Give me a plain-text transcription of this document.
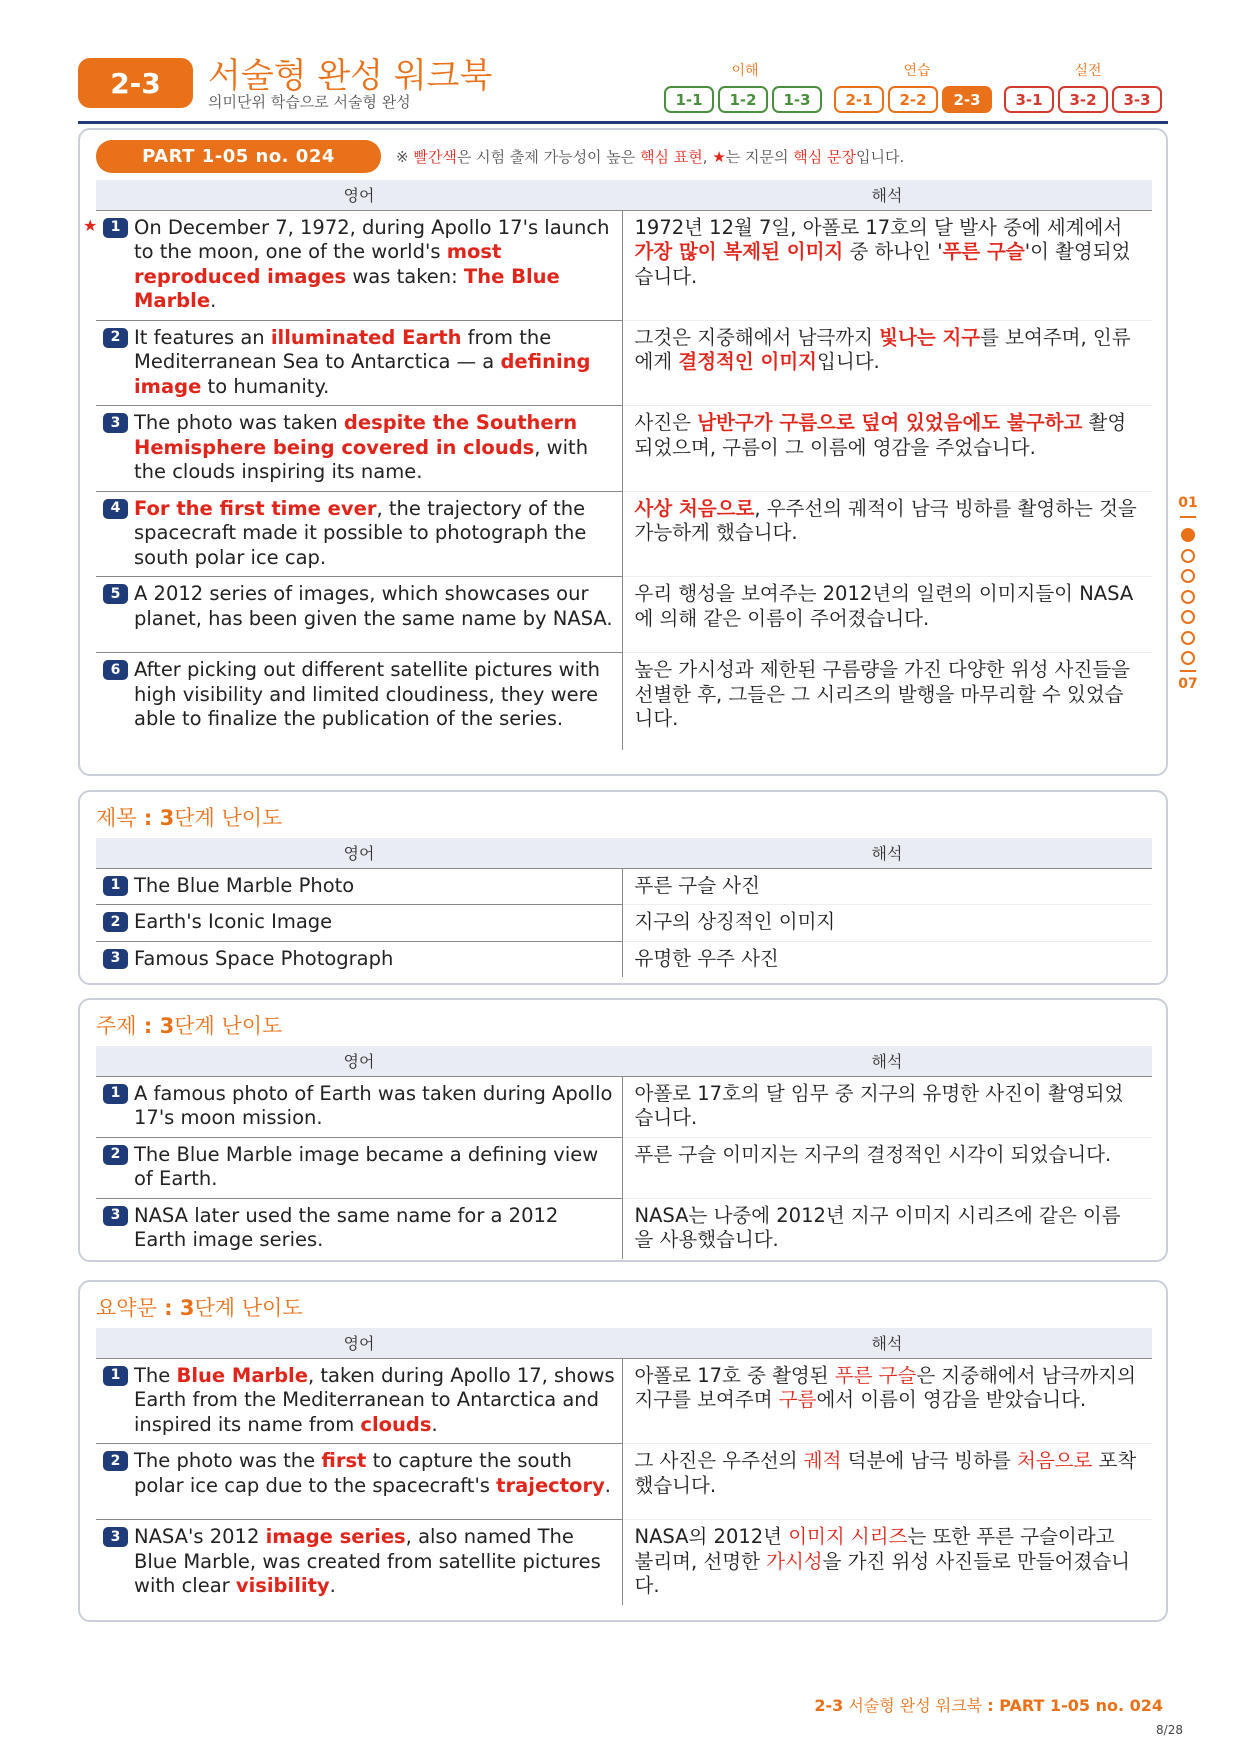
2-3	서술형 완성 워크북
의미단위 학습으로 서술형 완성
이해	연습	실전
1-1	1-2	1-3	2-1	2-2	2-3	3-1	3-2	3-3
PART 1-05 no. 024	※ 빨간색은 시험 출제 가능성이 높은 핵심 표현, ★는 지문의 핵심 문장입니다.
영어	해석

1
★ On December 7, 1972, during Apollo 17's launch to the moon, one of the world's most reproduced images was taken: The Blue Marble.	1972년 12월 7일, 아폴로 17호의 달 발사 중에 세계에서 가장 많이 복제된 이미지 중 하나인 '푸른 구슬'이 촬영되었습니다.

2 It features an illuminated Earth from the Mediterranean Sea to Antarctica — a defining image to humanity.	그것은 지중해에서 남극까지 빛나는 지구를 보여주며, 인류에게 결정적인 이미지입니다.

3 The photo was taken despite the Southern Hemisphere being covered in clouds, with the clouds inspiring its name.	사진은 남반구가 구름으로 덮여 있었음에도 불구하고 촬영되었으며, 구름이 그 이름에 영감을 주었습니다.

4 For the first time ever, the trajectory of the spacecraft made it possible to photograph the south polar ice cap.	사상 처음으로, 우주선의 궤적이 남극 빙하를 촬영하는 것을 가능하게 했습니다.

5 A 2012 series of images, which showcases our planet, has been given the same name by NASA.	우리 행성을 보여주는 2012년의 일련의 이미지들이 NASA에 의해 같은 이름이 주어졌습니다.

6 After picking out different satellite pictures with high visibility and limited cloudiness, they were able to finalize the publication of the series.	높은 가시성과 제한된 구름량을 가진 다양한 위성 사진들을 선별한 후, 그들은 그 시리즈의 발행을 마무리할 수 있었습니다.
제목 : 3단계 난이도
영어	해석

1 The Blue Marble Photo	푸른 구슬 사진

2 Earth's Iconic Image	지구의 상징적인 이미지

3 Famous Space Photograph	유명한 우주 사진
주제 : 3단계 난이도
영어	해석

1 A famous photo of Earth was taken during Apollo 17's moon mission.	아폴로 17호의 달 임무 중 지구의 유명한 사진이 촬영되었습니다.

2 The Blue Marble image became a defining view of Earth.	푸른 구슬 이미지는 지구의 결정적인 시각이 되었습니다.

3 NASA later used the same name for a 2012 Earth image series.	NASA는 나중에 2012년 지구 이미지 시리즈에 같은 이름을 사용했습니다.
요약문 : 3단계 난이도
영어	해석

1 The Blue Marble, taken during Apollo 17, shows Earth from the Mediterranean to Antarctica and inspired its name from clouds.	아폴로 17호 중 촬영된 푸른 구슬은 지중해에서 남극까지의 지구를 보여주며 구름에서 이름이 영감을 받았습니다.

2 The photo was the first to capture the south polar ice cap due to the spacecraft's trajectory.	그 사진은 우주선의 궤적 덕분에 남극 빙하를 처음으로 포착했습니다.

3 NASA's 2012 image series, also named The Blue Marble, was created from satellite pictures with clear visibility.	NASA의 2012년 이미지 시리즈는 또한 푸른 구슬이라고 불리며, 선명한 가시성을 가진 위성 사진들로 만들어졌습니다.
01
07
2-3 서술형 완성 워크북 : PART 1-05 no. 024
8/28
